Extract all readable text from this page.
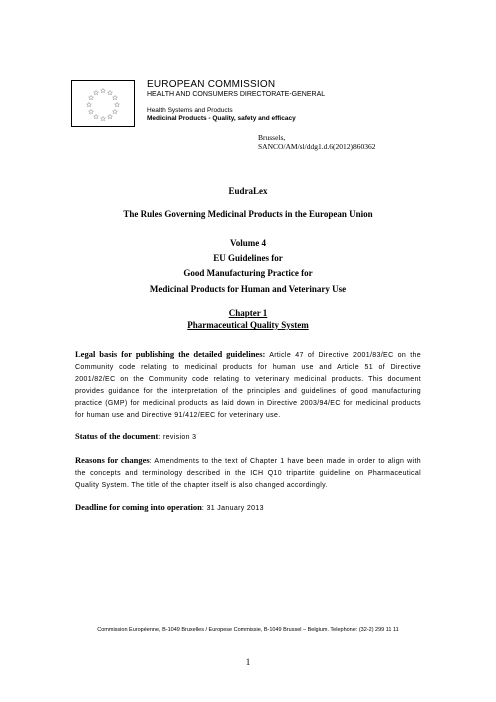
☆ ☆
☆
☆
☆
☆
☆
☆
☆
☆
☆
☆
EUROPEAN COMMISSION
HEALTH AND CONSUMERS DIRECTORATE-GENERAL
Health Systems and Products
Medicinal Products - Quality, safety and efficacy
Brussels,
SANCO/AM/sl/ddg1.d.6(2012)860362
EudraLex
The Rules Governing Medicinal Products in the European Union
Volume 4
EU Guidelines for
Good Manufacturing Practice for
Medicinal Products for Human and Veterinary Use
Chapter 1
Pharmaceutical Quality System
Legal basis for publishing the detailed guidelines: Article 47 of Directive 2001/83/EC on the Community code relating to medicinal products for human use and Article 51 of Directive 2001/82/EC on the Community code relating to veterinary medicinal products. This document provides guidance for the interpretation of the principles and guidelines of good manufacturing practice (GMP) for medicinal products as laid down in Directive 2003/94/EC for medicinal products for human use and Directive 91/412/EEC for veterinary use.
Status of the document: revision 3
Reasons for changes: Amendments to the text of Chapter 1 have been made in order to align with the concepts and terminology described in the ICH Q10 tripartite guideline on Pharmaceutical Quality System. The title of the chapter itself is also changed accordingly.
Deadline for coming into operation: 31 January 2013
Commission Européenne, B-1049 Bruxelles / Europese Commissie, B-1049 Brussel – Belgium. Telephone: (32-2) 299 11 11
1
